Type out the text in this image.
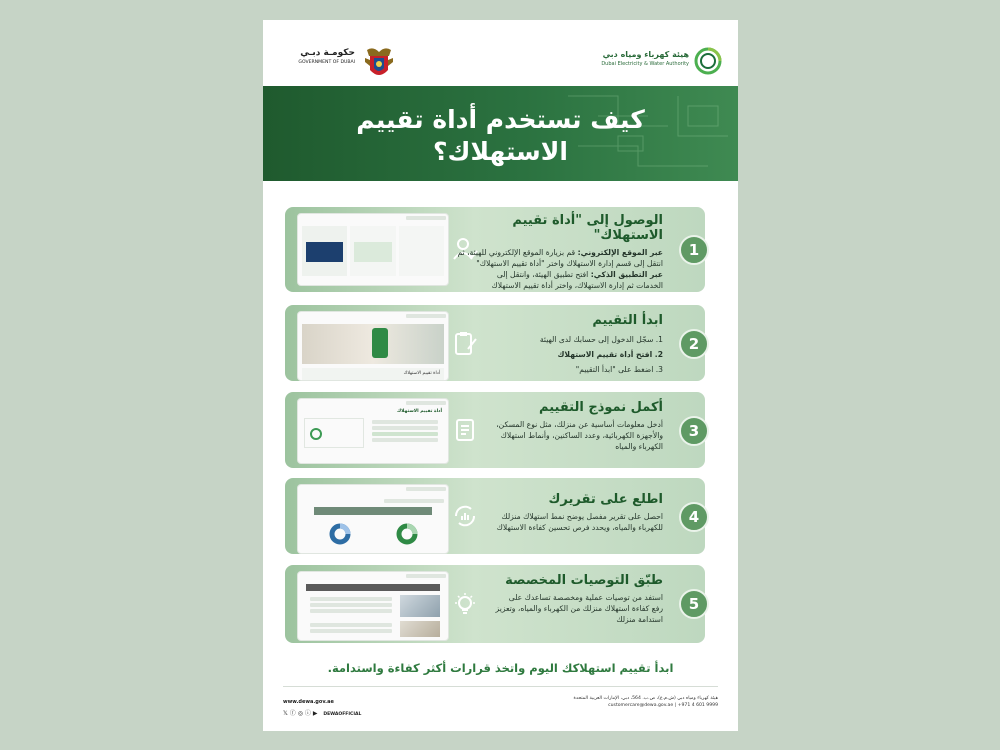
حكومـة دبـي
GOVERNMENT OF DUBAI
هيئة كهرباء ومياه دبي
Dubai Electricity & Water Authority
كيف تستخدم أداة تقييم
الاستهلاك؟
الوصول إلى "أداة تقييم الاستهلاك"
عبر الموقع الإلكتروني: قم بزيارة الموقع الإلكتروني للهيئة، ثم
انتقل إلى قسم إدارة الاستهلاك واختر "أداة تقييم الاستهلاك"
عبر التطبيق الذكي: افتح تطبيق الهيئة، وانتقل إلى
الخدمات ثم إدارة الاستهلاك، واختر أداة تقييم الاستهلاك
1
أداة تقييم الاستهلاك
ابدأ التقييم
1. سجّل الدخول إلى حسابك لدى الهيئة
2. افتح أداة تقييم الاستهلاك
3. اضغط على "ابدأ التقييم"
2
أداة تقييم الاستهلاك	أكمل نموذج التقييم
أدخل معلومات أساسية عن منزلك، مثل نوع المسكن،
والأجهزة الكهربائية، وعدد الساكنين، وأنماط استهلاك
الكهرباء والمياه
3
اطلع على تقريرك
احصل على تقرير مفصل يوضح نمط استهلاك منزلك
للكهرباء والمياه، ويحدد فرص تحسين كفاءة الاستهلاك
4
طبّق التوصيات المخصصة
استفد من توصيات عملية ومخصصة تساعدك على
رفع كفاءة استهلاك منزلك من الكهرباء والمياه، وتعزيز
استدامة منزلك
5
ابدأ تقييم استهلاكك اليوم واتخذ قرارات أكثر كفاءة واستدامة.
www.dewa.gov.ae
𝕏 ⓕ ◎ ⓘ ▶ DEWAOFFICIAL
هيئة كهرباء ومياه دبي (ش.م.ع)، ص.ب. 564، دبي، الإمارات العربية المتحدة
customercare@dewa.gov.ae | +971 4 601 9999
